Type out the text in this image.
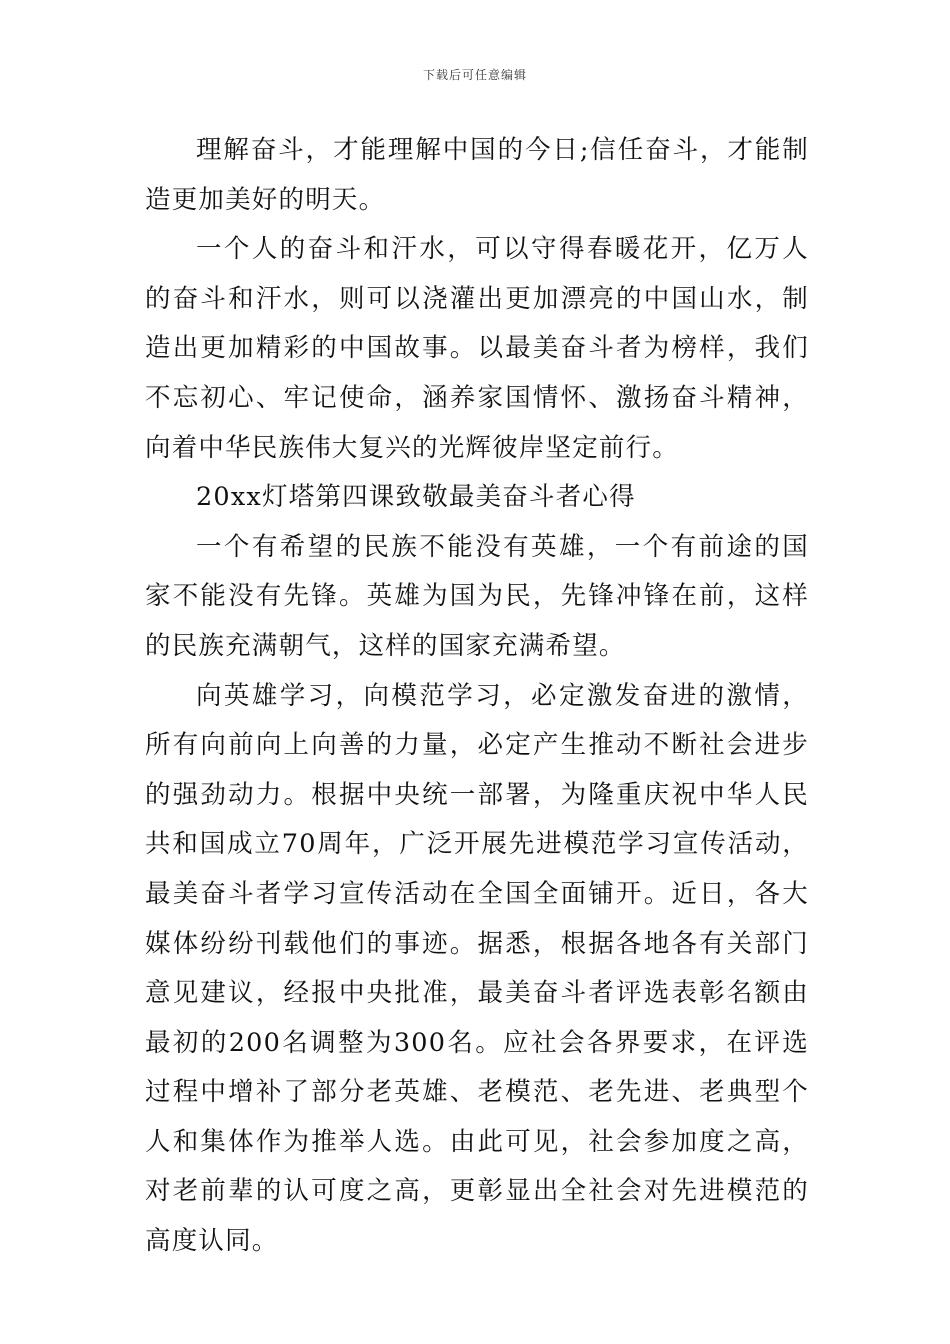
下载后可任意编辑

理解奋斗，才能理解中国的今日;信任奋斗，才能制造更加美好的明天。

一个人的奋斗和汗水，可以守得春暖花开，亿万人的奋斗和汗水，则可以浇灌出更加漂亮的中国山水，制造出更加精彩的中国故事。以最美奋斗者为榜样，我们不忘初心、牢记使命，涵养家国情怀、激扬奋斗精神，向着中华民族伟大复兴的光辉彼岸坚定前行。

20xx灯塔第四课致敬最美奋斗者心得

一个有希望的民族不能没有英雄，一个有前途的国家不能没有先锋。英雄为国为民，先锋冲锋在前，这样的民族充满朝气，这样的国家充满希望。

向英雄学习，向模范学习，必定激发奋进的激情，所有向前向上向善的力量，必定产生推动不断社会进步的强劲动力。根据中央统一部署，为隆重庆祝中华人民共和国成立70周年，广泛开展先进模范学习宣传活动，最美奋斗者学习宣传活动在全国全面铺开。近日，各大媒体纷纷刊载他们的事迹。据悉，根据各地各有关部门意见建议，经报中央批准，最美奋斗者评选表彰名额由最初的200名调整为300名。应社会各界要求，在评选过程中增补了部分老英雄、老模范、老先进、老典型个人和集体作为推举人选。由此可见，社会参加度之高，对老前辈的认可度之高，更彰显出全社会对先进模范的高度认同。
